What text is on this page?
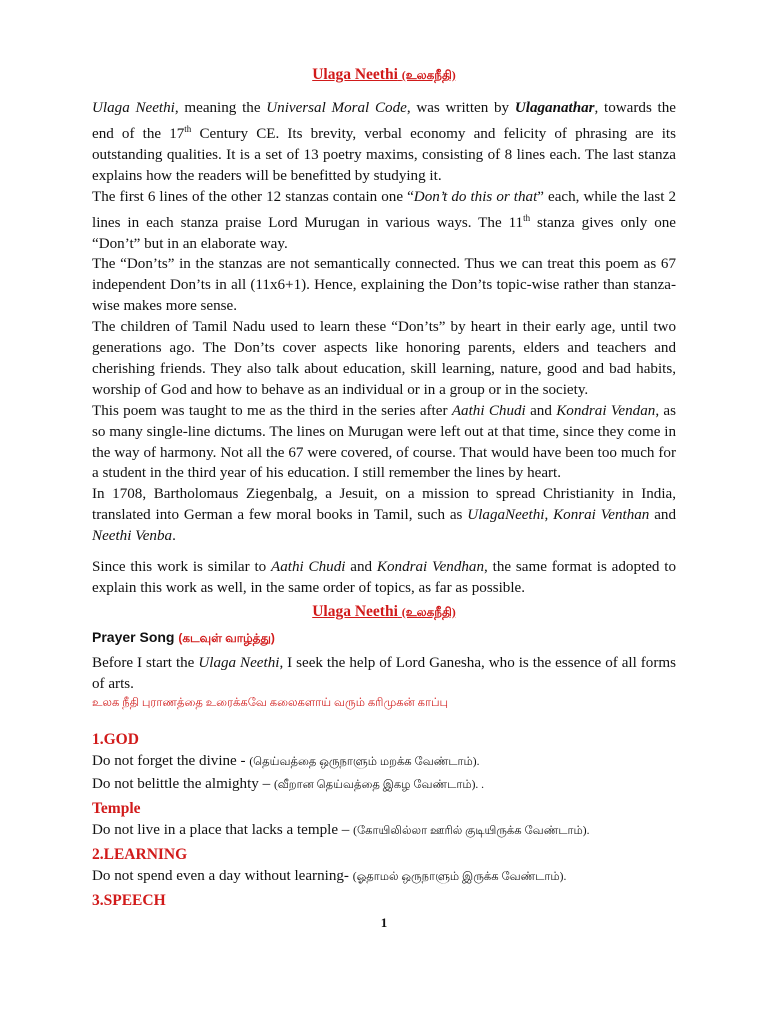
Ulaga Neethi (உலகநீதி)

Ulaga Neethi, meaning the Universal Moral Code, was written by Ulaganathar, towards the end of the 17th Century CE. Its brevity, verbal economy and felicity of phrasing are its outstanding qualities. It is a set of 13 poetry maxims, consisting of 8 lines each. The last stanza explains how the readers will be benefitted by studying it.

The first 6 lines of the other 12 stanzas contain one “Don’t do this or that” each, while the last 2 lines in each stanza praise Lord Murugan in various ways. The 11th stanza gives only one “Don’t” but in an elaborate way.

The “Don’ts” in the stanzas are not semantically connected. Thus we can treat this poem as 67 independent Don’ts in all (11x6+1). Hence, explaining the Don’ts topic-wise rather than stanza-wise makes more sense.

The children of Tamil Nadu used to learn these “Don’ts” by heart in their early age, until two generations ago. The Don’ts cover aspects like honoring parents, elders and teachers and cherishing friends. They also talk about education, skill learning, nature, good and bad habits, worship of God and how to behave as an individual or in a group or in the society.

This poem was taught to me as the third in the series after Aathi Chudi and Kondrai Vendan, as so many single-line dictums. The lines on Murugan were left out at that time, since they come in the way of harmony. Not all the 67 were covered, of course. That would have been too much for a student in the third year of his education. I still remember the lines by heart.

In 1708, Bartholomaus Ziegenbalg, a Jesuit, on a mission to spread Christianity in India, translated into German a few moral books in Tamil, such as UlagaNeethi, Konrai Venthan and Neethi Venba.

Since this work is similar to Aathi Chudi and Kondrai Vendhan, the same format is adopted to explain this work as well, in the same order of topics, as far as possible.

Ulaga Neethi (உலகநீதி)
Prayer Song (கடவுள் வாழ்த்து)

Before I start the Ulaga Neethi, I seek the help of Lord Ganesha, who is the essence of all forms of arts.

உலக நீதி புராணத்தை உரைக்கவே கலைகளாய் வரும் கரிமுகன் காப்பு

1.GOD

Do not forget the divine - (தெய்வத்தை ஒருநாளும் மறக்க வேண்டாம்).

Do not belittle the almighty – (வீறான தெய்வத்தை இகழ வேண்டாம்). .

Temple

Do not live in a place that lacks a temple – (கோயிலில்லா ஊரில் குடியிருக்க வேண்டாம்).

2.LEARNING

Do not spend even a day without learning- (ஓதாமல் ஒருநாளும் இருக்க வேண்டாம்).

3.SPEECH
1
